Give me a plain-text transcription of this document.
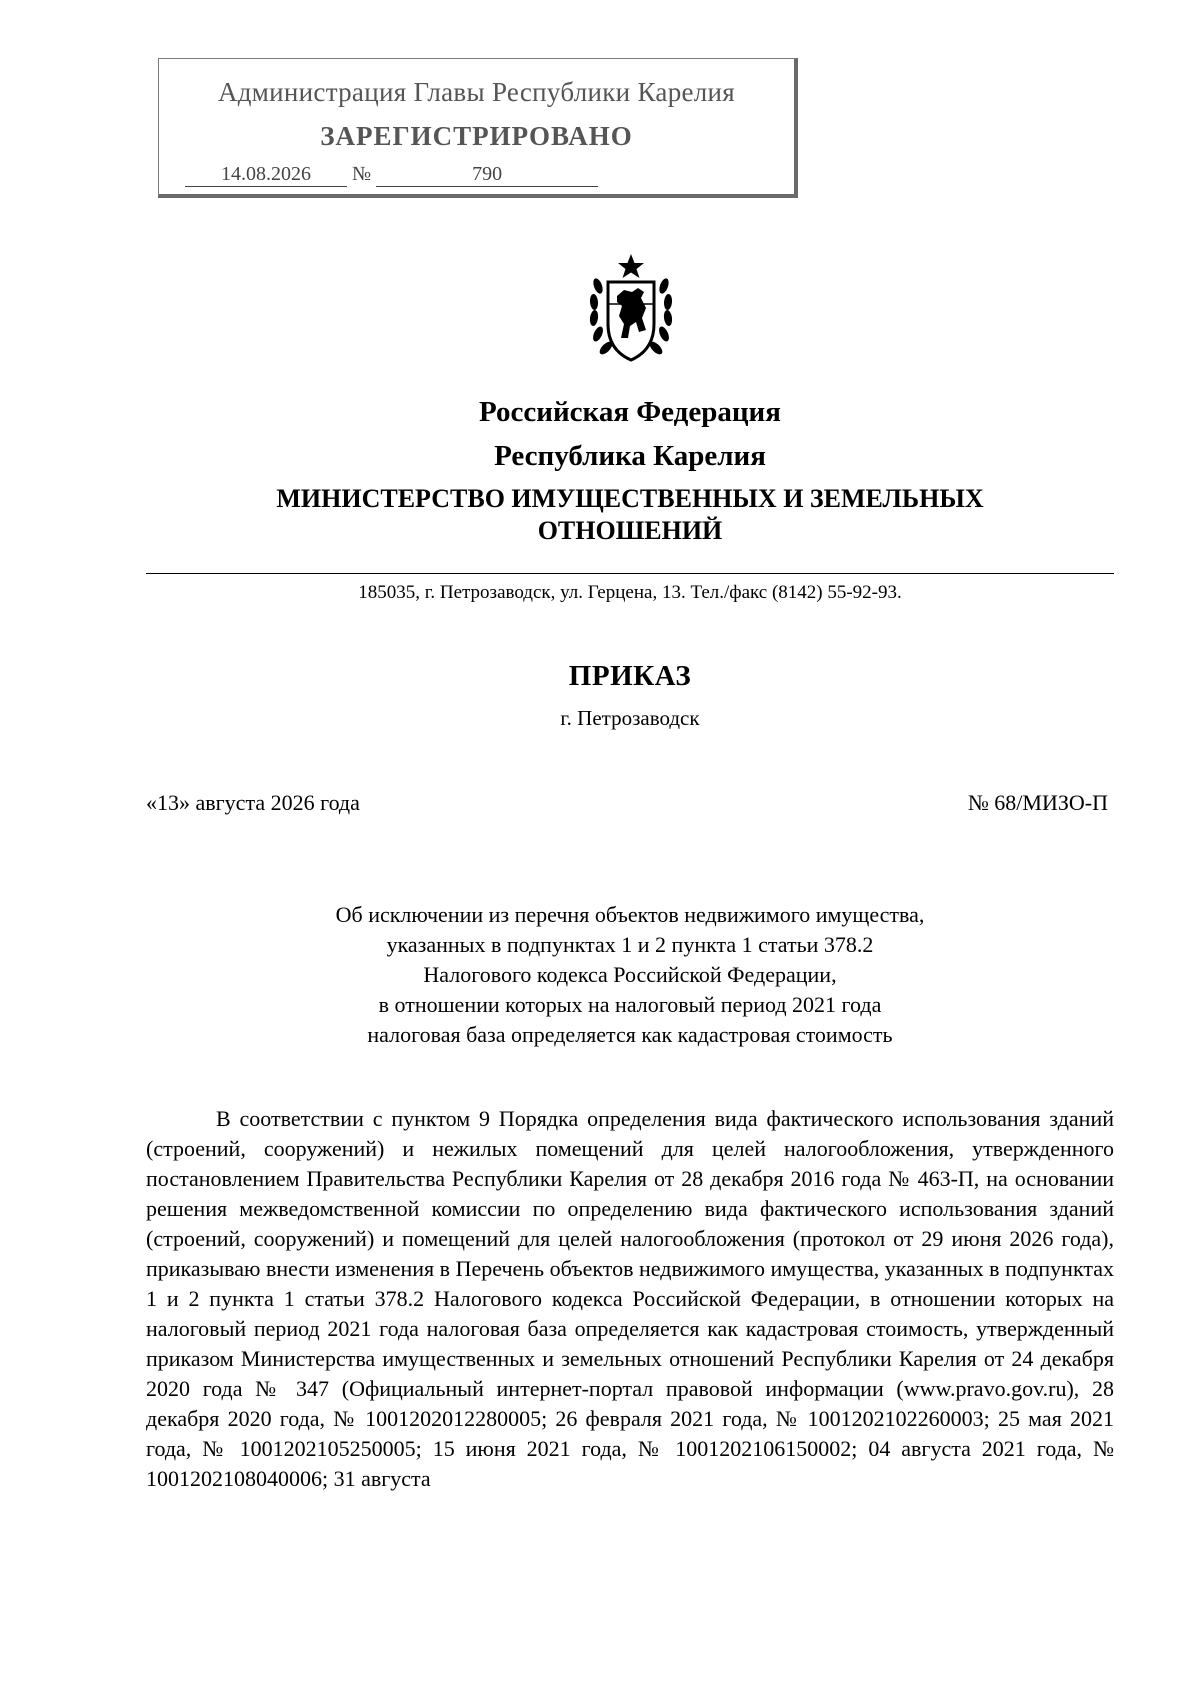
Администрация Главы Республики Карелия
ЗАРЕГИСТРИРОВАНО
14.08.2026 №	790
Российская Федерация
Республика Карелия
МИНИСТЕРСТВО ИМУЩЕСТВЕННЫХ И ЗЕМЕЛЬНЫХ
ОТНОШЕНИЙ
185035, г. Петрозаводск, ул. Герцена, 13. Тел./факс (8142) 55-92-93.
ПРИКАЗ
г. Петрозаводск
«13» августа 2026 года	№ 68/МИЗО-П
Об исключении из перечня объектов недвижимого имущества,
указанных в подпунктах 1 и 2 пункта 1 статьи 378.2
Налогового кодекса Российской Федерации,
в отношении которых на налоговый период 2021 года
налоговая база определяется как кадастровая стоимость
В соответствии с пунктом 9 Порядка определения вида фактического использования зданий (строений, сооружений) и нежилых помещений для целей налогообложения, утвержденного постановлением Правительства Республики Карелия от 28 декабря 2016 года № 463-П, на основании решения межведомственной комиссии по определению вида фактического использования зданий (строений, сооружений) и помещений для целей налогообложения (протокол от 29 июня 2026 года), приказываю внести изменения в Перечень объектов недвижимого имущества, указанных в подпунктах 1 и 2 пункта 1 статьи 378.2 Налогового кодекса Российской Федерации, в отношении которых на налоговый период 2021 года налоговая база определяется как кадастровая стоимость, утвержденный приказом Министерства имущественных и земельных отношений Республики Карелия от 24 декабря 2020 года № 347 (Официальный интернет-портал правовой информации (www.pravo.gov.ru), 28 декабря 2020 года, № 1001202012280005; 26 февраля 2021 года, № 1001202102260003; 25 мая 2021 года, № 1001202105250005; 15 июня 2021 года, № 1001202106150002; 04 августа 2021 года, № 1001202108040006; 31 августа
